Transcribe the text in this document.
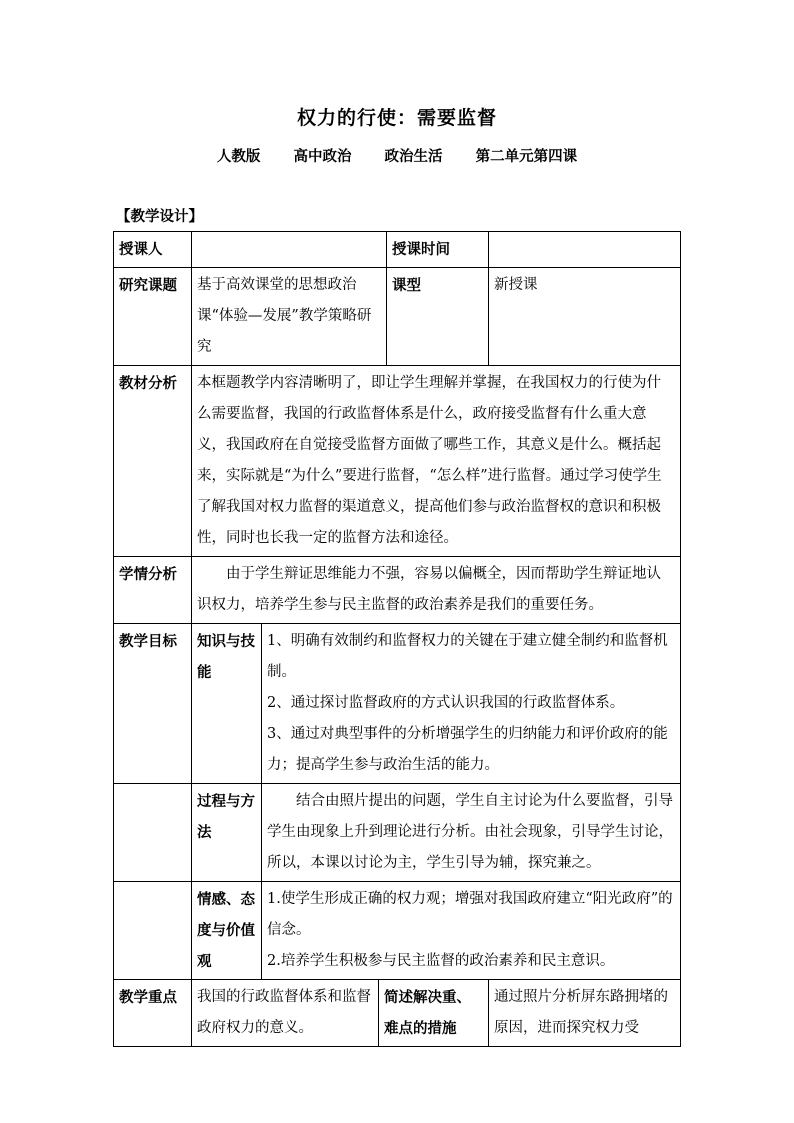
权力的行使：需要监督
人教版 高中政治 政治生活 第二单元第四课
【教学设计】
授课人				授课时间	
研究课题	基于高效课堂的思想政治课“体验—发展”教学策略研究			课型	新授课
教材分析	本框题教学内容清晰明了，即让学生理解并掌握，在我国权力的行使为什么需要监督，我国的行政监督体系是什么，政府接受监督有什么重大意义，我国政府在自觉接受监督方面做了哪些工作，其意义是什么。概括起来，实际就是“为什么”要进行监督，“怎么样”进行监督。通过学习使学生了解我国对权力监督的渠道意义，提高他们参与政治监督权的意识和积极性，同时也长我一定的监督方法和途径。				
学情分析	由于学生辩证思维能力不强，容易以偏概全，因而帮助学生辩证地认识权力，培养学生参与民主监督的政治素养是我们的重要任务。				

教学目标	知识与技能	1、明确有效制约和监督权力的关键在于建立健全制约和监督机制。
2、通过探讨监督政府的方式认识我国的行政监督体系。
3、通过对典型事件的分析增强学生的归纳能力和评价政府的能力；提高学生参与政治生活的能力。			

	过程与方法	结合由照片提出的问题，学生自主讨论为什么要监督，引导学生由现象上升到理论进行分析。由社会现象，引导学生讨论，所以，本课以讨论为主，学生引导为辅，探究兼之。			

	情感、态度与价值观	1.使学生形成正确的权力观；增强对我国政府建立“阳光政府”的信念。
2.培养学生积极参与民主监督的政治素养和民主意识。			

教学重点	我国的行政监督体系和监督政府权力的意义。		简述解决重、难点的措施		通过照片分析屏东路拥堵的原因，进而探究权力受
